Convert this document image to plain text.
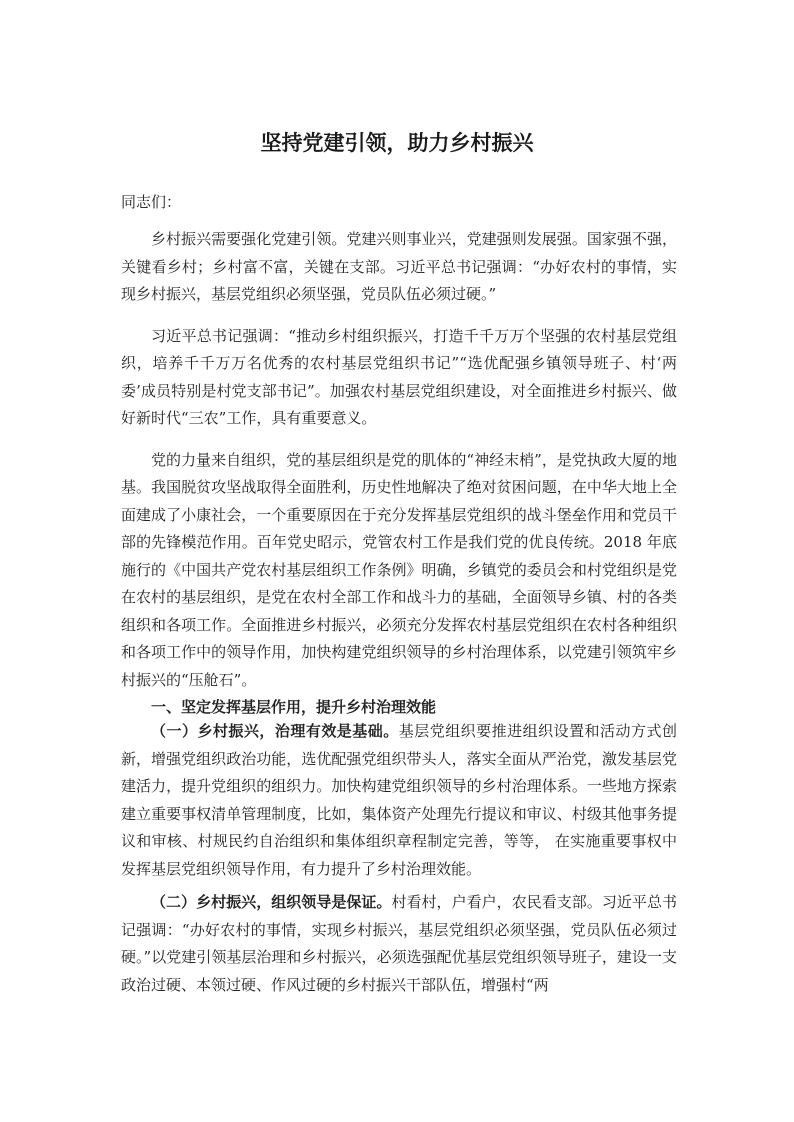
坚持党建引领，助力乡村振兴
同志们：

乡村振兴需要强化党建引领。党建兴则事业兴，党建强则发展强。国家强不强，关键看乡村；乡村富不富，关键在支部。习近平总书记强调：“办好农村的事情，实现乡村振兴，基层党组织必须坚强，党员队伍必须过硬。”

习近平总书记强调：“推动乡村组织振兴，打造千千万万个坚强的农村基层党组织，培养千千万万名优秀的农村基层党组织书记”“选优配强乡镇领导班子、村‘两委’成员特别是村党支部书记”。加强农村基层党组织建设，对全面推进乡村振兴、做好新时代“三农”工作，具有重要意义。

党的力量来自组织，党的基层组织是党的肌体的“神经末梢”，是党执政大厦的地基。我国脱贫攻坚战取得全面胜利，历史性地解决了绝对贫困问题，在中华大地上全面建成了小康社会，一个重要原因在于充分发挥基层党组织的战斗堡垒作用和党员干部的先锋模范作用。百年党史昭示，党管农村工作是我们党的优良传统。2018 年底施行的《中国共产党农村基层组织工作条例》明确，乡镇党的委员会和村党组织是党在农村的基层组织，是党在农村全部工作和战斗力的基础，全面领导乡镇、村的各类组织和各项工作。全面推进乡村振兴，必须充分发挥农村基层党组织在农村各种组织和各项工作中的领导作用，加快构建党组织领导的乡村治理体系，以党建引领筑牢乡村振兴的“压舱石”。

一、坚定发挥基层作用，提升乡村治理效能

（一）乡村振兴，治理有效是基础。基层党组织要推进组织设置和活动方式创新，增强党组织政治功能，选优配强党组织带头人，落实全面从严治党，激发基层党建活力，提升党组织的组织力。加快构建党组织领导的乡村治理体系。一些地方探索建立重要事权清单管理制度，比如，集体资产处理先行提议和审议、村级其他事务提议和审核、村规民约自治组织和集体组织章程制定完善，等等， 在实施重要事权中发挥基层党组织领导作用，有力提升了乡村治理效能。

（二）乡村振兴，组织领导是保证。村看村，户看户，农民看支部。习近平总书记强调：“办好农村的事情，实现乡村振兴，基层党组织必须坚强，党员队伍必须过硬。”以党建引领基层治理和乡村振兴，必须选强配优基层党组织领导班子，建设一支政治过硬、本领过硬、作风过硬的乡村振兴干部队伍，增强村“两
